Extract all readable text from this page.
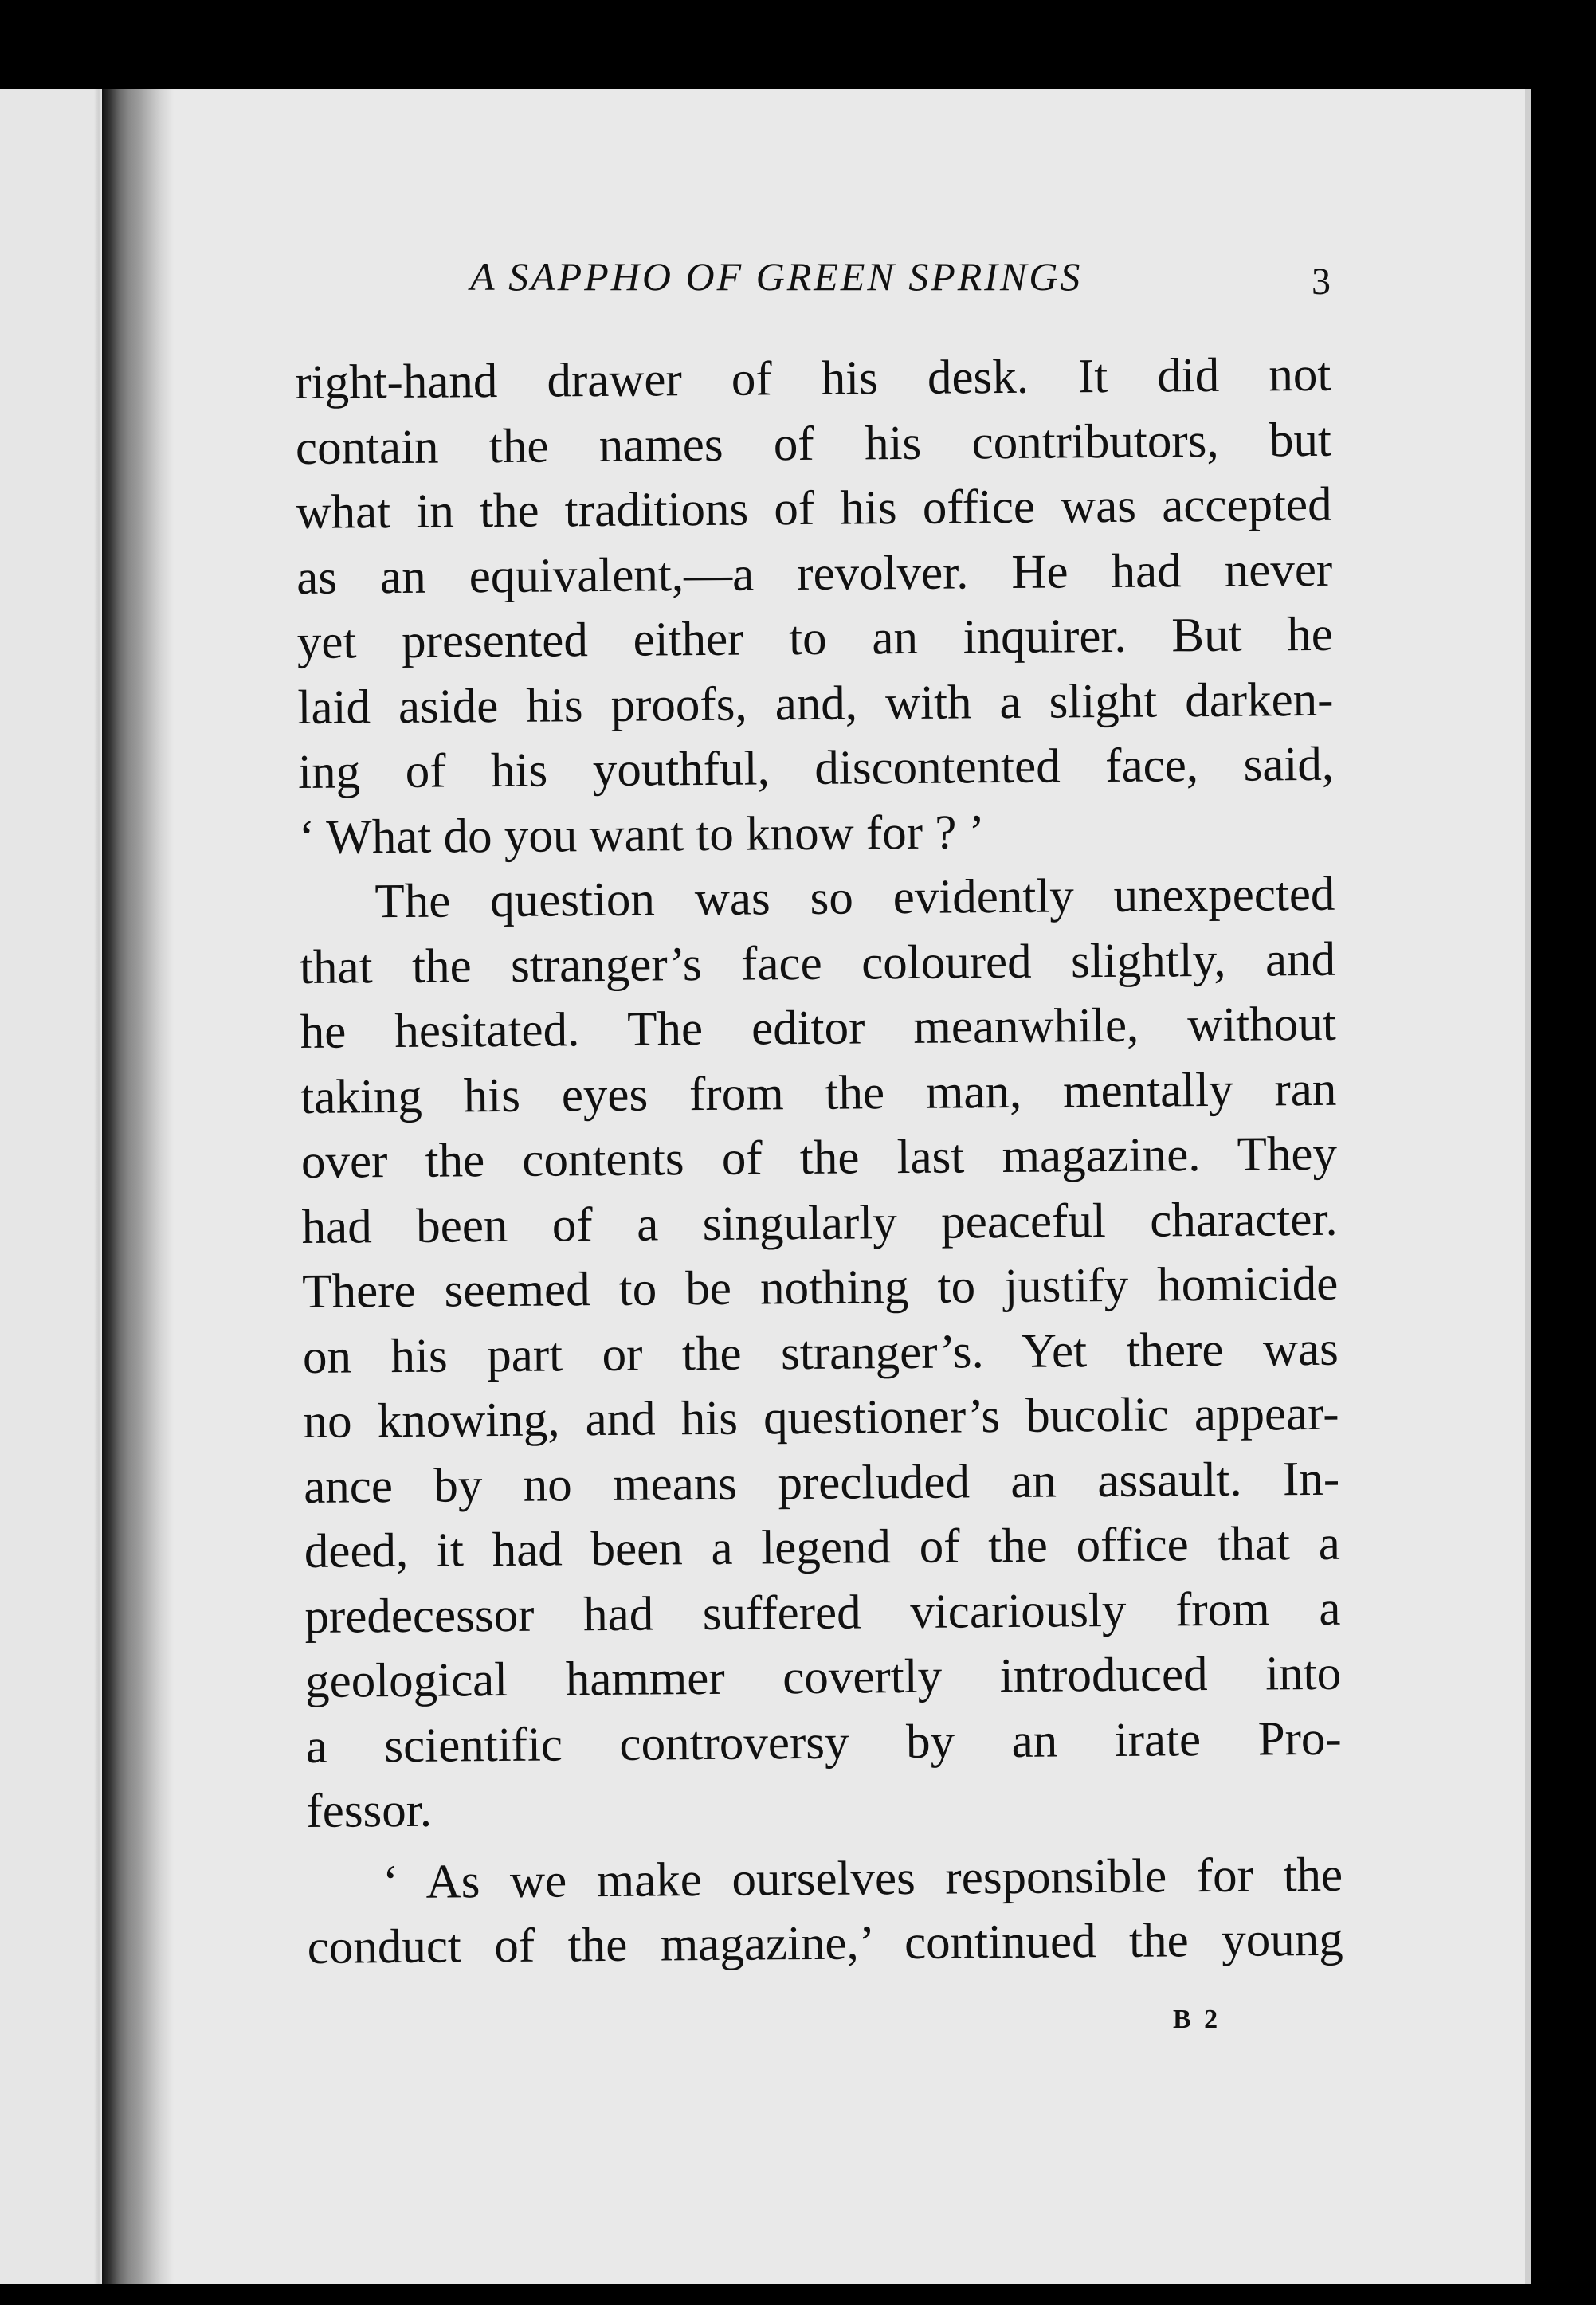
A SAPPHO OF GREEN SPRINGS	3
right-hand drawer of his desk. It did not
contain the names of his contributors, but
what in the traditions of his office was accepted
as an equivalent,—a revolver. He had never
yet presented either to an inquirer. But he
laid aside his proofs, and, with a slight darken-
ing of his youthful, discontented face, said,
‘ What do you want to know for ? ’
The question was so evidently unexpected
that the stranger’s face coloured slightly, and
he hesitated. The editor meanwhile, without
taking his eyes from the man, mentally ran
over the contents of the last magazine. They
had been of a singularly peaceful character.
There seemed to be nothing to justify homicide
on his part or the stranger’s. Yet there was
no knowing, and his questioner’s bucolic appear-
ance by no means precluded an assault. In-
deed, it had been a legend of the office that a
predecessor had suffered vicariously from a
geological hammer covertly introduced into
a scientific controversy by an irate Pro-
fessor.
‘ As we make ourselves responsible for the
conduct of the magazine,’ continued the young
B 2
